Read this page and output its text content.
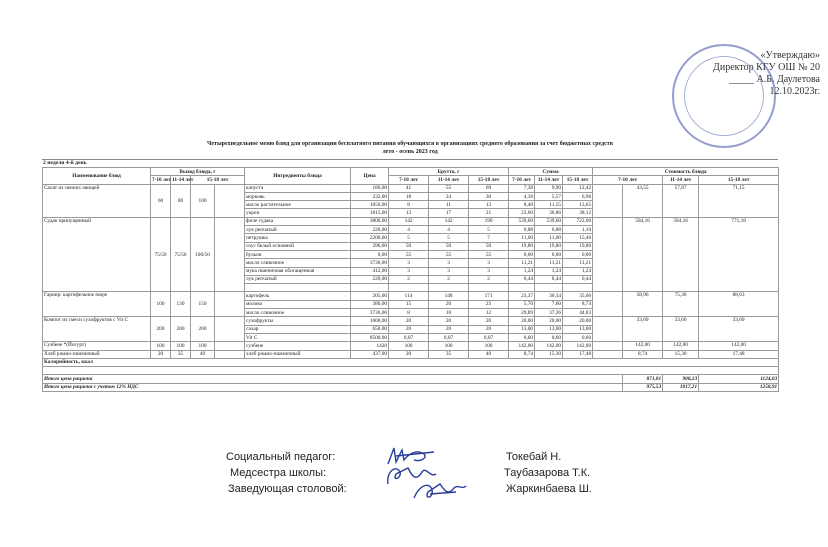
«Утверждаю»
Директор КГУ ОШ № 20
_____ А.Б. Даулетова
12.10.2023г.
Четырехнедельное меню блюд для организации бесплатного питания обучающихся в организациях среднего образования за счет бюджетных средств
лето - осень 2023 год
2 недели 4-й день
Наименование блюд	Выход блюда, г				Ингредиенты блюда	Цена	Брутто, г			Сумма			Стоимость блюда			
	7-10 лет	11-14 лет	15-18 лет				7-10 лет	11-14 лет	15-18 лет	7-10 лет	11-14 лет	15-18 лет	7-10 лет		11-14 лет	15-18 лет
Салат из свежих овощей	60	80	100		капуста	180,00	41	55	69	7,38	9,90	12,42		43,55	57,87	71,15
					морковь	232,00	18	24	30	4,18	5,57	6,96				
					масло растительное	1050,00	8	11	13	8,40	11,55	13,65				
					укроп	1815,00	13	17	21	23,60	30,86	38,12				
Судак припущенный	75/50	75/50	100/50		филе судака	3800,00	142	142	190	539,60	539,60	722,00		584,16	584,16	771,18
					лук репчатый	220,00	4	4	5	0,88	0,88	1,10				
					петрушка	2200,00	5	5	7	11,00	11,00	15,40				
					соус белый основной	396,00	50	50	50	19,80	19,80	19,80				
					бульон	0,00	55	55	55	0,00	0,00	0,00				
					масло сливочное	3736,00	3	3	3	11,21	11,21	11,21				
					мука пшеничная обогащенная	412,00	3	3	3	1,24	1,24	1,24				
					лук репчатый	220,00	2	2	2	0,44	0,44	0,44				

Гарнир: картофельное пюре	100	130	150		картофель	205,00	114	148	171	23,37	30,34	35,06		58,96	75,30	88,63
					молоко	380,00	15	20	23	5,70	7,60	8,74				
					масло сливочное	3736,00	8	10	12	29,89	37,36	44,83				
Компот из смеси сухофруктов с Vit C	200	200	200		сухофрукты	1000,00	20	20	20	20,00	20,00	20,00		33,60	33,60	33,60
					сахар	650,00	20	20	20	13,00	13,00	13,00				
					Vit C	8500,00	0,07	0,07	0,07	0,60	0,60	0,60				
Сузбеие *(Йогурт)	100	100	100		сузбеие	1420	100	100	100	142,00	142,00	142,00		142,00	142,00	142,00
Хлеб ржано-пшеничный	20	35	40		хлеб ржано-пшеничный	437,00	20	35	40	8,74	15,30	17,48		8,74	15,30	17,48
Калорийность, ккал																

Итого цена рациона														871,01	908,23	1124,03
Итого цена рациона с учетом 12% НДС														975,53	1017,21	1258,91
Социальный педагог:	Токебай Н.
Медсестра школы:	Таубазарова Т.К.
Заведующая столовой:	Жаркинбаева Ш.
